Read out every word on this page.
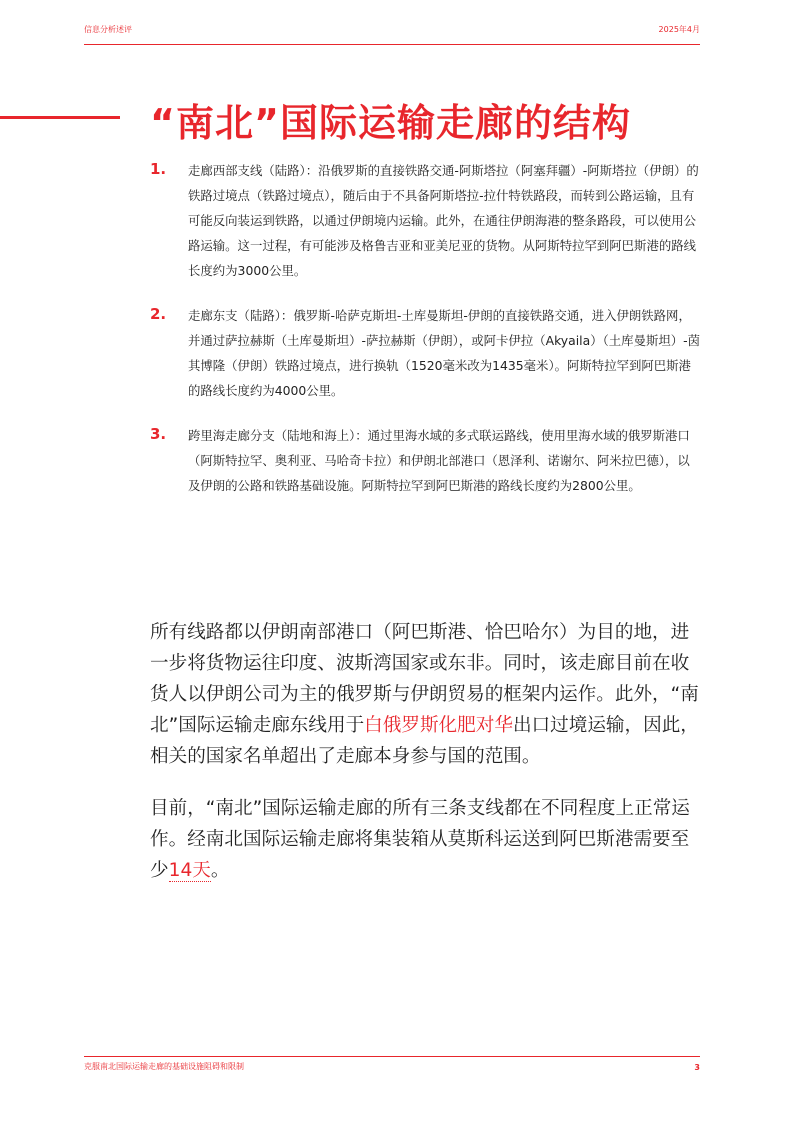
信息分析述评	2025年4月
“南北”国际运输走廊的结构
1. 走廊西部支线（陆路）：沿俄罗斯的直接铁路交通-阿斯塔拉（阿塞拜疆）-阿斯塔拉（伊朗）的铁路过境点（铁路过境点），随后由于不具备阿斯塔拉-拉什特铁路段，而转到公路运输，且有可能反向装运到铁路，以通过伊朗境内运输。此外，在通往伊朗海港的整条路段，可以使用公路运输。这一过程，有可能涉及格鲁吉亚和亚美尼亚的货物。从阿斯特拉罕到阿巴斯港的路线长度约为3000公里。
2. 走廊东支（陆路）：俄罗斯-哈萨克斯坦-土库曼斯坦-伊朗的直接铁路交通，进入伊朗铁路网，并通过萨拉赫斯（土库曼斯坦）-萨拉赫斯（伊朗），或阿卡伊拉（Akyaila）（土库曼斯坦）-茵其博隆（伊朗）铁路过境点，进行换轨（1520毫米改为1435毫米）。阿斯特拉罕到阿巴斯港的路线长度约为4000公里。
3. 跨里海走廊分支（陆地和海上）：通过里海水域的多式联运路线，使用里海水域的俄罗斯港口（阿斯特拉罕、奥利亚、马哈奇卡拉）和伊朗北部港口（恩泽利、诺谢尔、阿米拉巴德），以及伊朗的公路和铁路基础设施。阿斯特拉罕到阿巴斯港的路线长度约为2800公里。

所有线路都以伊朗南部港口（阿巴斯港、恰巴哈尔）为目的地，进一步将货物运往印度、波斯湾国家或东非。同时，该走廊目前在收货人以伊朗公司为主的俄罗斯与伊朗贸易的框架内运作。此外，“南北”国际运输走廊东线用于白俄罗斯化肥对华出口过境运输，因此，相关的国家名单超出了走廊本身参与国的范围。

目前，“南北”国际运输走廊的所有三条支线都在不同程度上正常运作。经南北国际运输走廊将集装箱从莫斯科运送到阿巴斯港需要至少14天。

克服南北国际运输走廊的基础设施阻碍和限制	3
